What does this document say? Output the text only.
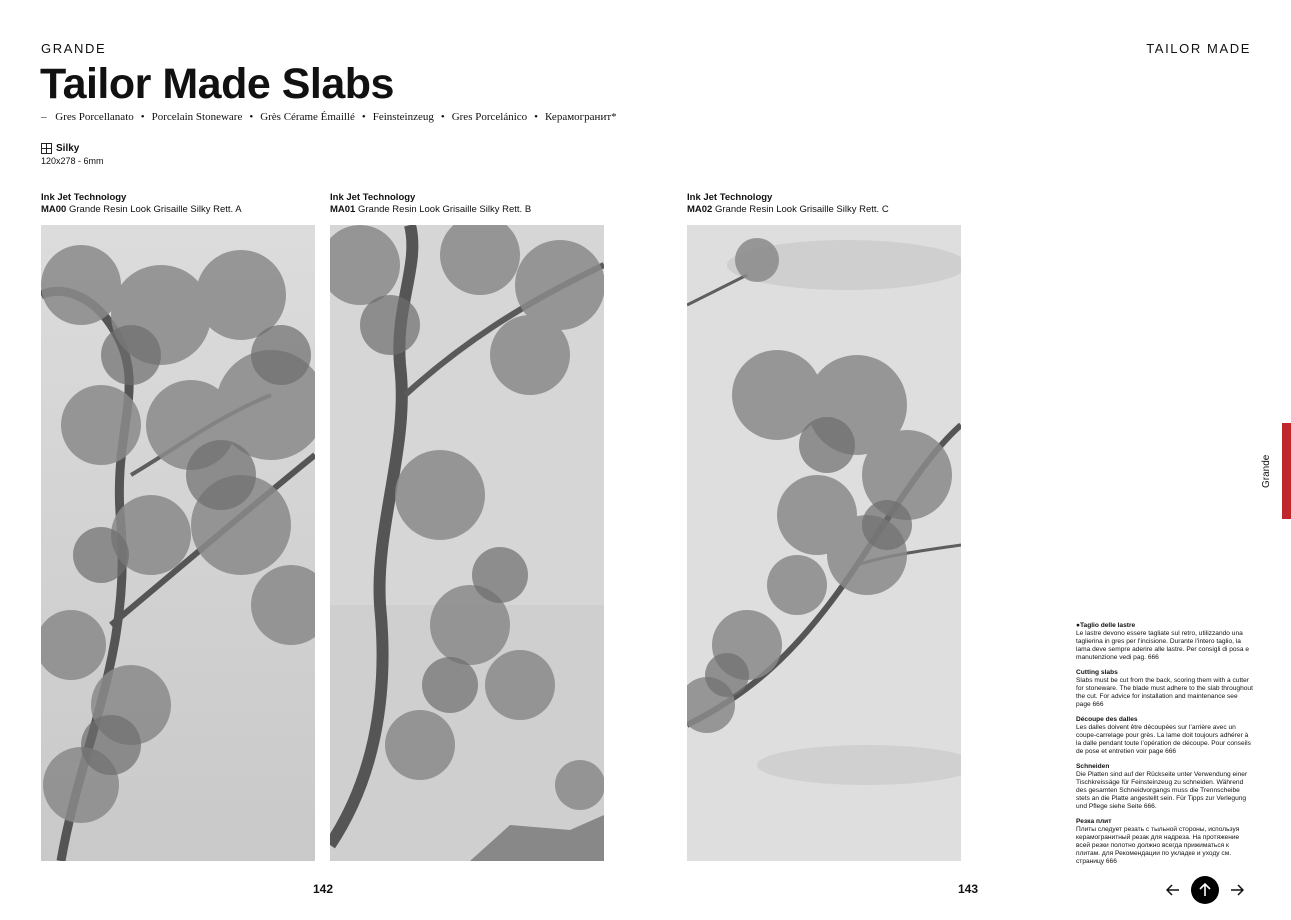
GRANDE	TAILOR MADE
Tailor Made Slabs
– Gres Porcellanato • Porcelain Stoneware • Grès Cérame Émaillé • Feinsteinzeug • Gres Porcelánico • Керамогранит*
Silky
120x278 - 6mm
Ink Jet Technology
MA00 Grande Resin Look Grisaille Silky Rett. A
Ink Jet Technology
MA01 Grande Resin Look Grisaille Silky Rett. B
Ink Jet Technology
MA02 Grande Resin Look Grisaille Silky Rett. C
142	143
Grande
●Taglio delle lastre
Le lastre devono essere tagliate sul retro, utilizzando una taglierina in gres per l’incisione. Durante l’intero taglio, la lama deve sempre aderire alle lastre. Per consigli di posa e manutenzione vedi pag. 666
Cutting slabs
Slabs must be cut from the back, scoring them with a cutter for stoneware. The blade must adhere to the slab throughout the cut. For advice for installation and maintenance see page 666
Découpe des dalles
Les dalles doivent être découpées sur l’arrière avec un coupe-carrelage pour grès. La lame doit toujours adhérer à la dalle pendant toute l’opération de découpe. Pour conseils de pose et entretien voir page 666
Schneiden
Die Platten sind auf der Rückseite unter Verwendung einer Tischkreissäge für Feinsteinzeug zu schneiden. Während des gesamten Schneidvorgangs muss die Trennscheibe stets an die Platte angestellt sein. Für Tipps zur Verlegung und Pflege siehe Seite 666.
Резка плит
Плиты следует резать с тыльной стороны, используя керамогранитный резак для надреза. На протяжение всей резки полотно должно всегда прижиматься к плитам. для Рекомендации по укладке и уходу см. страницу 666
